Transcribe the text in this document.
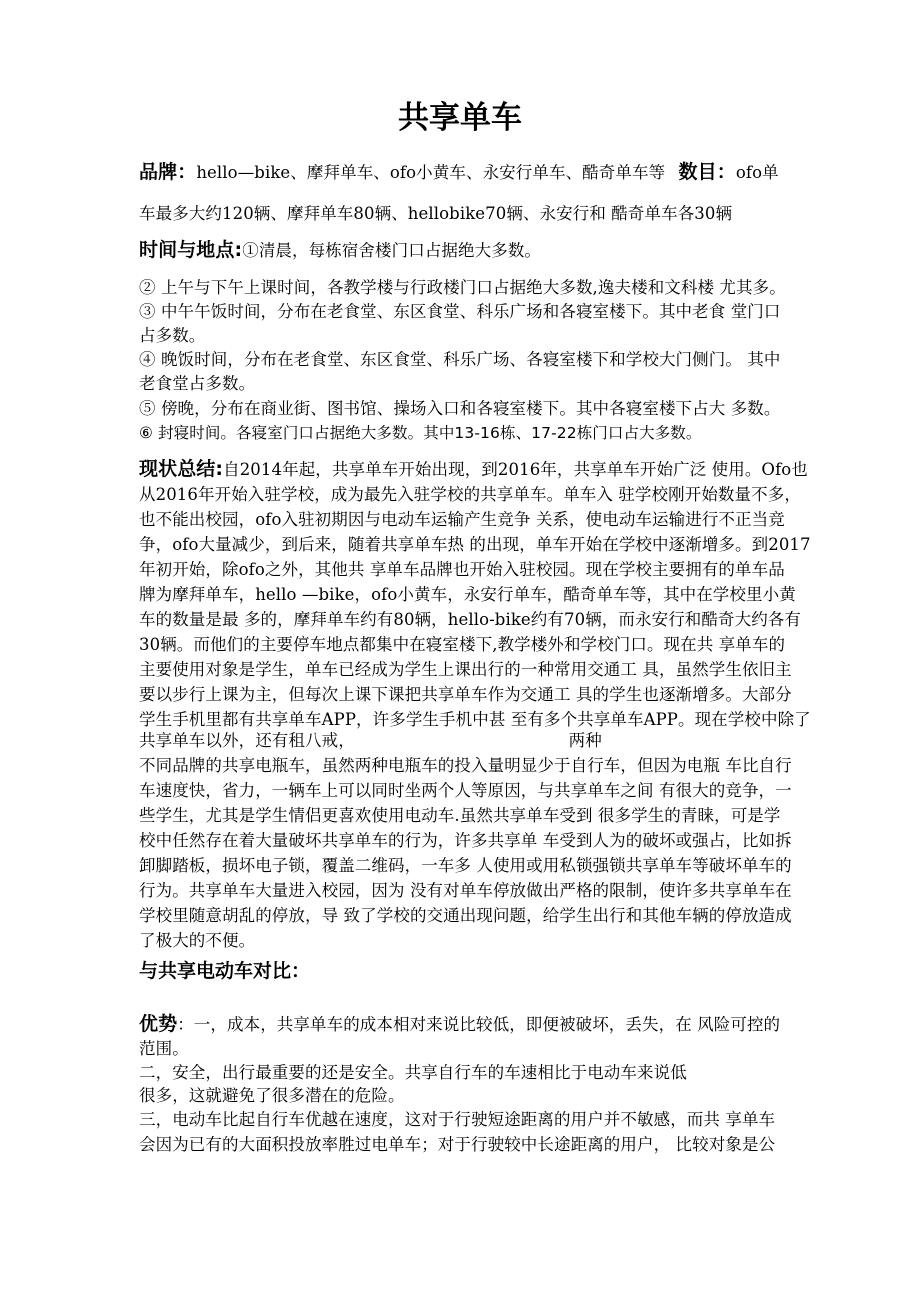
共享单车
品牌：hello—bike、摩拜单车、ofo小黄车、永安行单车、酷奇单车等 数目：ofo单
车最多大约120辆、摩拜单车80辆、hellobike70辆、永安行和 酷奇单车各30辆
时间与地点:①清晨，每栋宿舍楼门口占据绝大多数。
② 上午与下午上课时间，各教学楼与行政楼门口占据绝大多数,逸夫楼和文科楼 尤其多。
③ 中午午饭时间，分布在老食堂、东区食堂、科乐广场和各寝室楼下。其中老食 堂门口
占多数。
④ 晚饭时间，分布在老食堂、东区食堂、科乐广场、各寝室楼下和学校大门侧门。 其中
老食堂占多数。
⑤ 傍晚，分布在商业街、图书馆、操场入口和各寝室楼下。其中各寝室楼下占大 多数。
⑥ 封寝时间。各寝室门口占据绝大多数。其中13-16栋、17-22栋门口占大多数。
现状总结:自2014年起，共享单车开始出现，到2016年，共享单车开始广泛 使用。Ofo也
从2016年开始入驻学校，成为最先入驻学校的共享单车。单车入 驻学校刚开始数量不多，
也不能出校园，ofo入驻初期因与电动车运输产生竞争 关系，使电动车运输进行不正当竞
争，ofo大量减少，到后来，随着共享单车热 的出现，单车开始在学校中逐渐增多。到2017
年初开始，除ofo之外，其他共 享单车品牌也开始入驻校园。现在学校主要拥有的单车品
牌为摩拜单车，hello —bike，ofo小黄车，永安行单车，酷奇单车等，其中在学校里小黄
车的数量是最 多的，摩拜单车约有80辆，hello-bike约有70辆，而永安行和酷奇大约各有
30辆。而他们的主要停车地点都集中在寝室楼下,教学楼外和学校门口。现在共 享单车的
主要使用对象是学生，单车已经成为学生上课出行的一种常用交通工 具，虽然学生依旧主
要以步行上课为主，但每次上课下课把共享单车作为交通工 具的学生也逐渐增多。大部分
学生手机里都有共享单车APP，许多学生手机中甚 至有多个共享单车APP。现在学校中除了
共享单车以外，还有租八戒，                                        两种
不同品牌的共享电瓶车，虽然两种电瓶车的投入量明显少于自行车，但因为电瓶 车比自行
车速度快，省力，一辆车上可以同时坐两个人等原因，与共享单车之间 有很大的竞争，一
些学生，尤其是学生情侣更喜欢使用电动车.虽然共享单车受到 很多学生的青睐，可是学
校中任然存在着大量破坏共享单车的行为，许多共享单 车受到人为的破坏或强占，比如拆
卸脚踏板，损坏电子锁，覆盖二维码，一车多 人使用或用私锁强锁共享单车等破坏单车的
行为。共享单车大量进入校园，因为 没有对单车停放做出严格的限制，使许多共享单车在
学校里随意胡乱的停放，导 致了学校的交通出现问题，给学生出行和其他车辆的停放造成
了极大的不便。
与共享电动车对比：
优势：一，成本，共享单车的成本相对来说比较低，即便被破坏，丢失，在 风险可控的
范围。
二，安全，出行最重要的还是安全。共享自行车的车速相比于电动车来说低
很多，这就避免了很多潜在的危险。
三，电动车比起自行车优越在速度，这对于行驶短途距离的用户并不敏感，而共 享单车
会因为已有的大面积投放率胜过电单车；对于行驶较中长途距离的用户， 比较对象是公
